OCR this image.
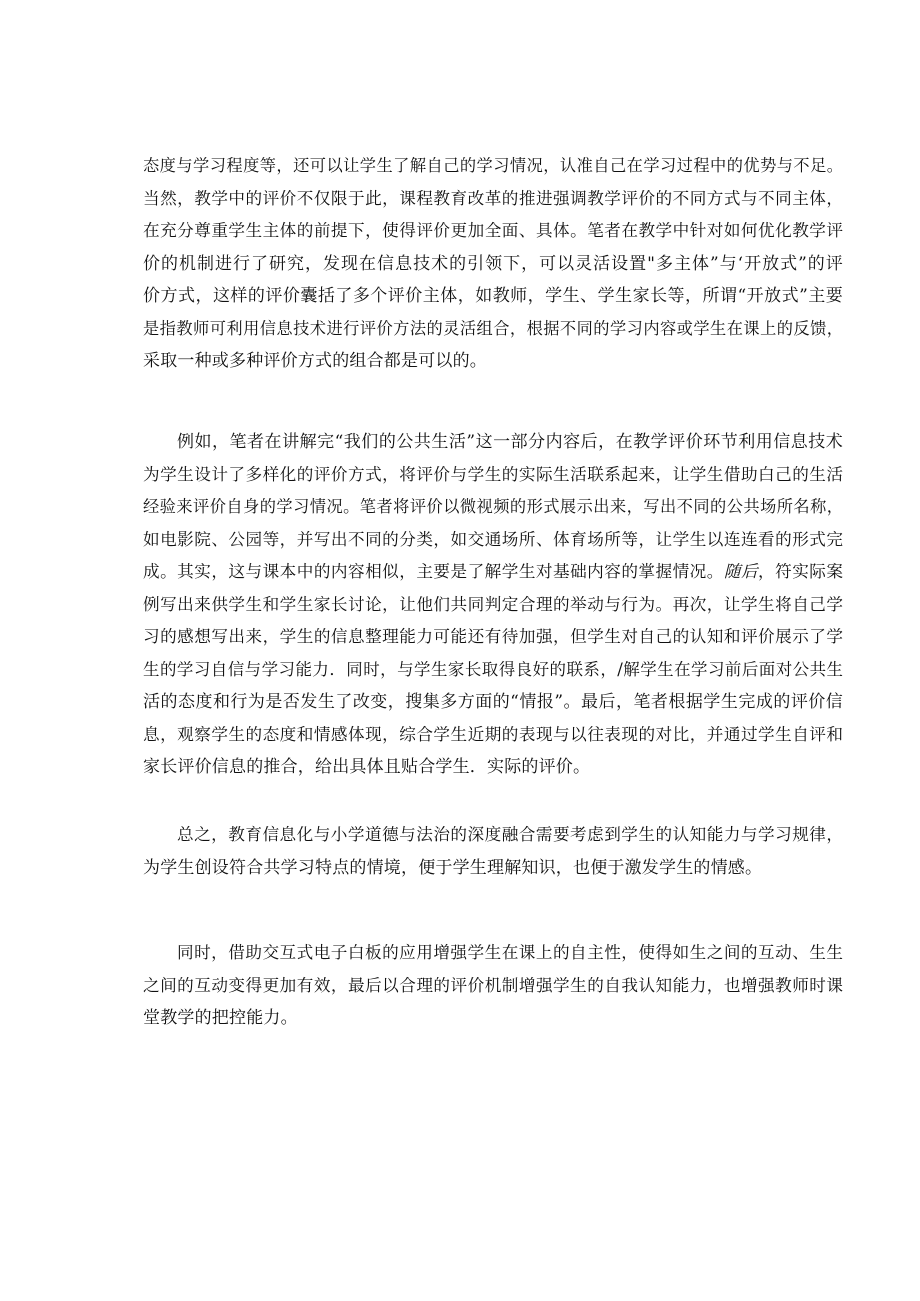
态度与学习程度等，还可以让学生了解自己的学习情况，认准自己在学习过程中的优势与不足。
当然，教学中的评价不仅限于此，课程教育改革的推进强调教学评价的不同方式与不同主体，
在充分尊重学生主体的前提下，使得评价更加全面、具体。笔者在教学中针对如何优化教学评
价的机制进行了研究，发现在信息技术的引领下，可以灵活设置"多主体”与‘开放式”的评
价方式，这样的评价囊括了多个评价主体，如教师，学生、学生家长等，所谓“开放式”主要
是指教师可利用信息技术进行评价方法的灵活组合，根据不同的学习内容或学生在课上的反馈，
采取一种或多种评价方式的组合都是可以的。
例如，笔者在讲解完“我们的公共生活”这一部分内容后，在教学评价环节利用信息技术
为学生设计了多样化的评价方式，将评价与学生的实际生活联系起来，让学生借助白己的生活
经验来评价自身的学习情况。笔者将评价以微视频的形式展示出来，写出不同的公共场所名称，
如电影院、公园等，并写出不同的分类，如交通场所、体育场所等，让学生以连连看的形式完
成。其实，这与课本中的内容相似，主要是了解学生对基础内容的掌握情况。随后，符实际案
例写出来供学生和学生家长讨论，让他们共同判定合理的举动与行为。再次，让学生将自己学
习的感想写出来，学生的信息整理能力可能还有待加强，但学生对自己的认知和评价展示了学
生的学习自信与学习能力．同时，与学生家长取得良好的联系，/解学生在学习前后面对公共生
活的态度和行为是否发生了改变，搜集多方面的“情报”。最后，笔者根据学生完成的评价信
息，观察学生的态度和情感体现，综合学生近期的表现与以往表现的对比，并通过学生自评和
家长评价信息的推合，给出具体且贴合学生．实际的评价。
总之，教育信息化与小学道德与法治的深度融合需要考虑到学生的认知能力与学习规律，
为学生创设符合共学习特点的情境，便于学生理解知识，也便于激发学生的情感。
同时，借助交互式电子白板的应用增强学生在课上的自主性，使得如生之间的互动、生生
之间的互动变得更加有效，最后以合理的评价机制增强学生的自我认知能力，也增强教师时课
堂教学的把控能力。
